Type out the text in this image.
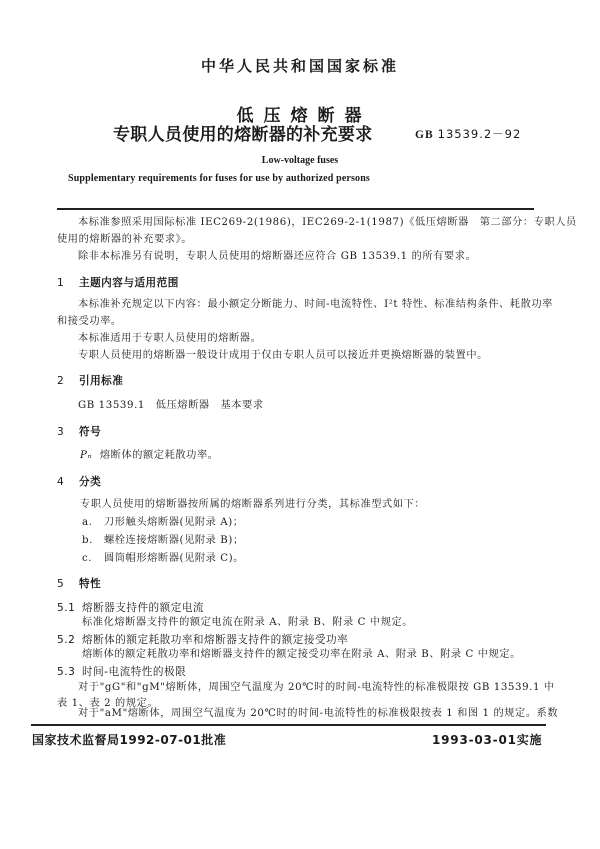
中华人民共和国国家标准
低压熔断器
专职人员使用的熔断器的补充要求	GB 13539.2－92
Low-voltage fuses
Supplementary requirements for fuses for use by authorized persons
本标准参照采用国际标准 IEC269-2(1986)，IEC269-2-1(1987)《低压熔断器　第二部分：专职人员
使用的熔断器的补充要求》。
除非本标准另有说明，专职人员使用的熔断器还应符合 GB 13539.1 的所有要求。
1 主题内容与适用范围
本标准补充规定以下内容：最小额定分断能力、时间-电流特性、I²t 特性、标准结构条件、耗散功率
和接受功率。
本标准适用于专职人员使用的熔断器。
专职人员使用的熔断器一般设计成用于仅由专职人员可以接近并更换熔断器的装置中。
2 引用标准
GB 13539.1　低压熔断器　基本要求
3 符号
Pₙ 熔断体的额定耗散功率。
4 分类
专职人员使用的熔断器按所属的熔断器系列进行分类，其标准型式如下：
a. 刀形触头熔断器(见附录 A)；
b. 螺栓连接熔断器(见附录 B)；
c. 圆筒帽形熔断器(见附录 C)。
5 特性
5.1 熔断器支持件的额定电流
标准化熔断器支持件的额定电流在附录 A、附录 B、附录 C 中规定。
5.2 熔断体的额定耗散功率和熔断器支持件的额定接受功率
熔断体的额定耗散功率和熔断器支持件的额定接受功率在附录 A、附录 B、附录 C 中规定。
5.3 时间-电流特性的极限
对于"gG"和"gM"熔断体，周围空气温度为 20℃时的时间-电流特性的标准极限按 GB 13539.1 中
表 1、表 2 的规定。
对于"aM"熔断体，周围空气温度为 20℃时的时间-电流特性的标准极限按表 1 和图 1 的规定。系数
国家技术监督局1992-07-01批准	1993-03-01实施
